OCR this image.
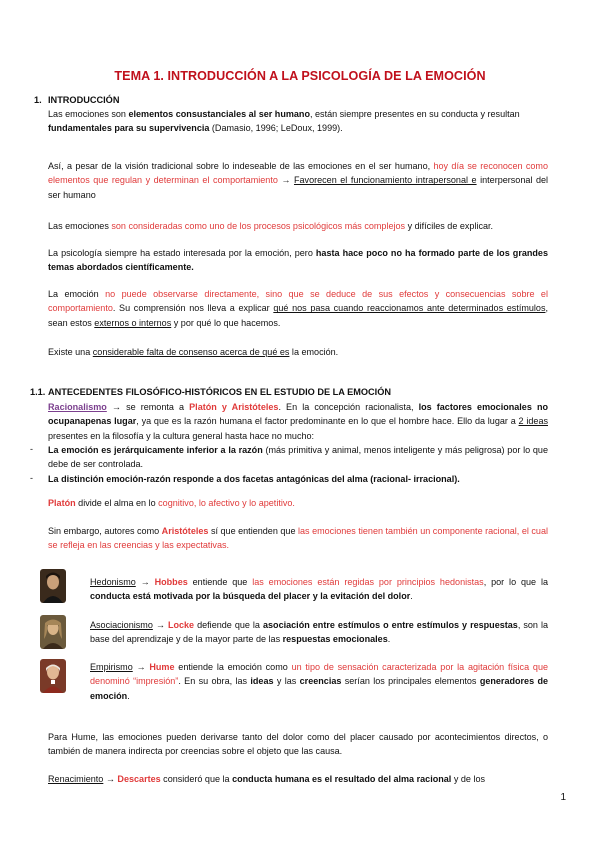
TEMA 1. INTRODUCCIÓN A LA PSICOLOGÍA DE LA EMOCIÓN
1. INTRODUCCIÓN
Las emociones son elementos consustanciales al ser humano, están siempre presentes en su conducta y resultan
fundamentales para su supervivencia (Damasio, 1996; LeDoux, 1999).
Así, a pesar de la visión tradicional sobre lo indeseable de las emociones en el ser humano, hoy día se reconocen como elementos que regulan y determinan el comportamiento → Favorecen el funcionamiento intrapersonal e interpersonal del ser humano
Las emociones son consideradas como uno de los procesos psicológicos más complejos y difíciles de explicar.
La psicología siempre ha estado interesada por la emoción, pero hasta hace poco no ha formado parte de los grandes temas abordados científicamente.
La emoción no puede observarse directamente, sino que se deduce de sus efectos y consecuencias sobre el comportamiento. Su comprensión nos lleva a explicar qué nos pasa cuando reaccionamos ante determinados estímulos, sean estos externos o internos y por qué lo que hacemos.
Existe una considerable falta de consenso acerca de qué es la emoción.
1.1. ANTECEDENTES FILOSÓFICO-HISTÓRICOS EN EL ESTUDIO DE LA EMOCIÓN
Racionalismo → se remonta a Platón y Aristóteles. En la concepción racionalista, los factores emocionales no ocupanapenas lugar, ya que es la razón humana el factor predominante en lo que el hombre hace. Ello da lugar a 2 ideas presentes en la filosofía y la cultura general hasta hace no mucho:
- La emoción es jerárquicamente inferior a la razón (más primitiva y animal, menos inteligente y más peligrosa) por lo que debe de ser controlada.
- La distinción emoción-razón responde a dos facetas antagónicas del alma (racional- irracional).
Platón divide el alma en lo cognitivo, lo afectivo y lo apetitivo.
Sin embargo, autores como Aristóteles sí que entienden que las emociones tienen también un componente racional, el cual se refleja en las creencias y las expectativas.
Hedonismo → Hobbes entiende que las emociones están regidas por principios hedonistas, por lo que la conducta está motivada por la búsqueda del placer y la evitación del dolor.
Asociacionismo → Locke defiende que la asociación entre estímulos o entre estímulos y respuestas, son la base del aprendizaje y de la mayor parte de las respuestas emocionales.
Empirismo → Hume entiende la emoción como un tipo de sensación caracterizada por la agitación física que denominó “impresión”. En su obra, las ideas y las creencias serían los principales elementos generadores de emoción.
Para Hume, las emociones pueden derivarse tanto del dolor como del placer causado por acontecimientos directos, o también de manera indirecta por creencias sobre el objeto que las causa.
Renacimiento → Descartes consideró que la conducta humana es el resultado del alma racional y de los
1
